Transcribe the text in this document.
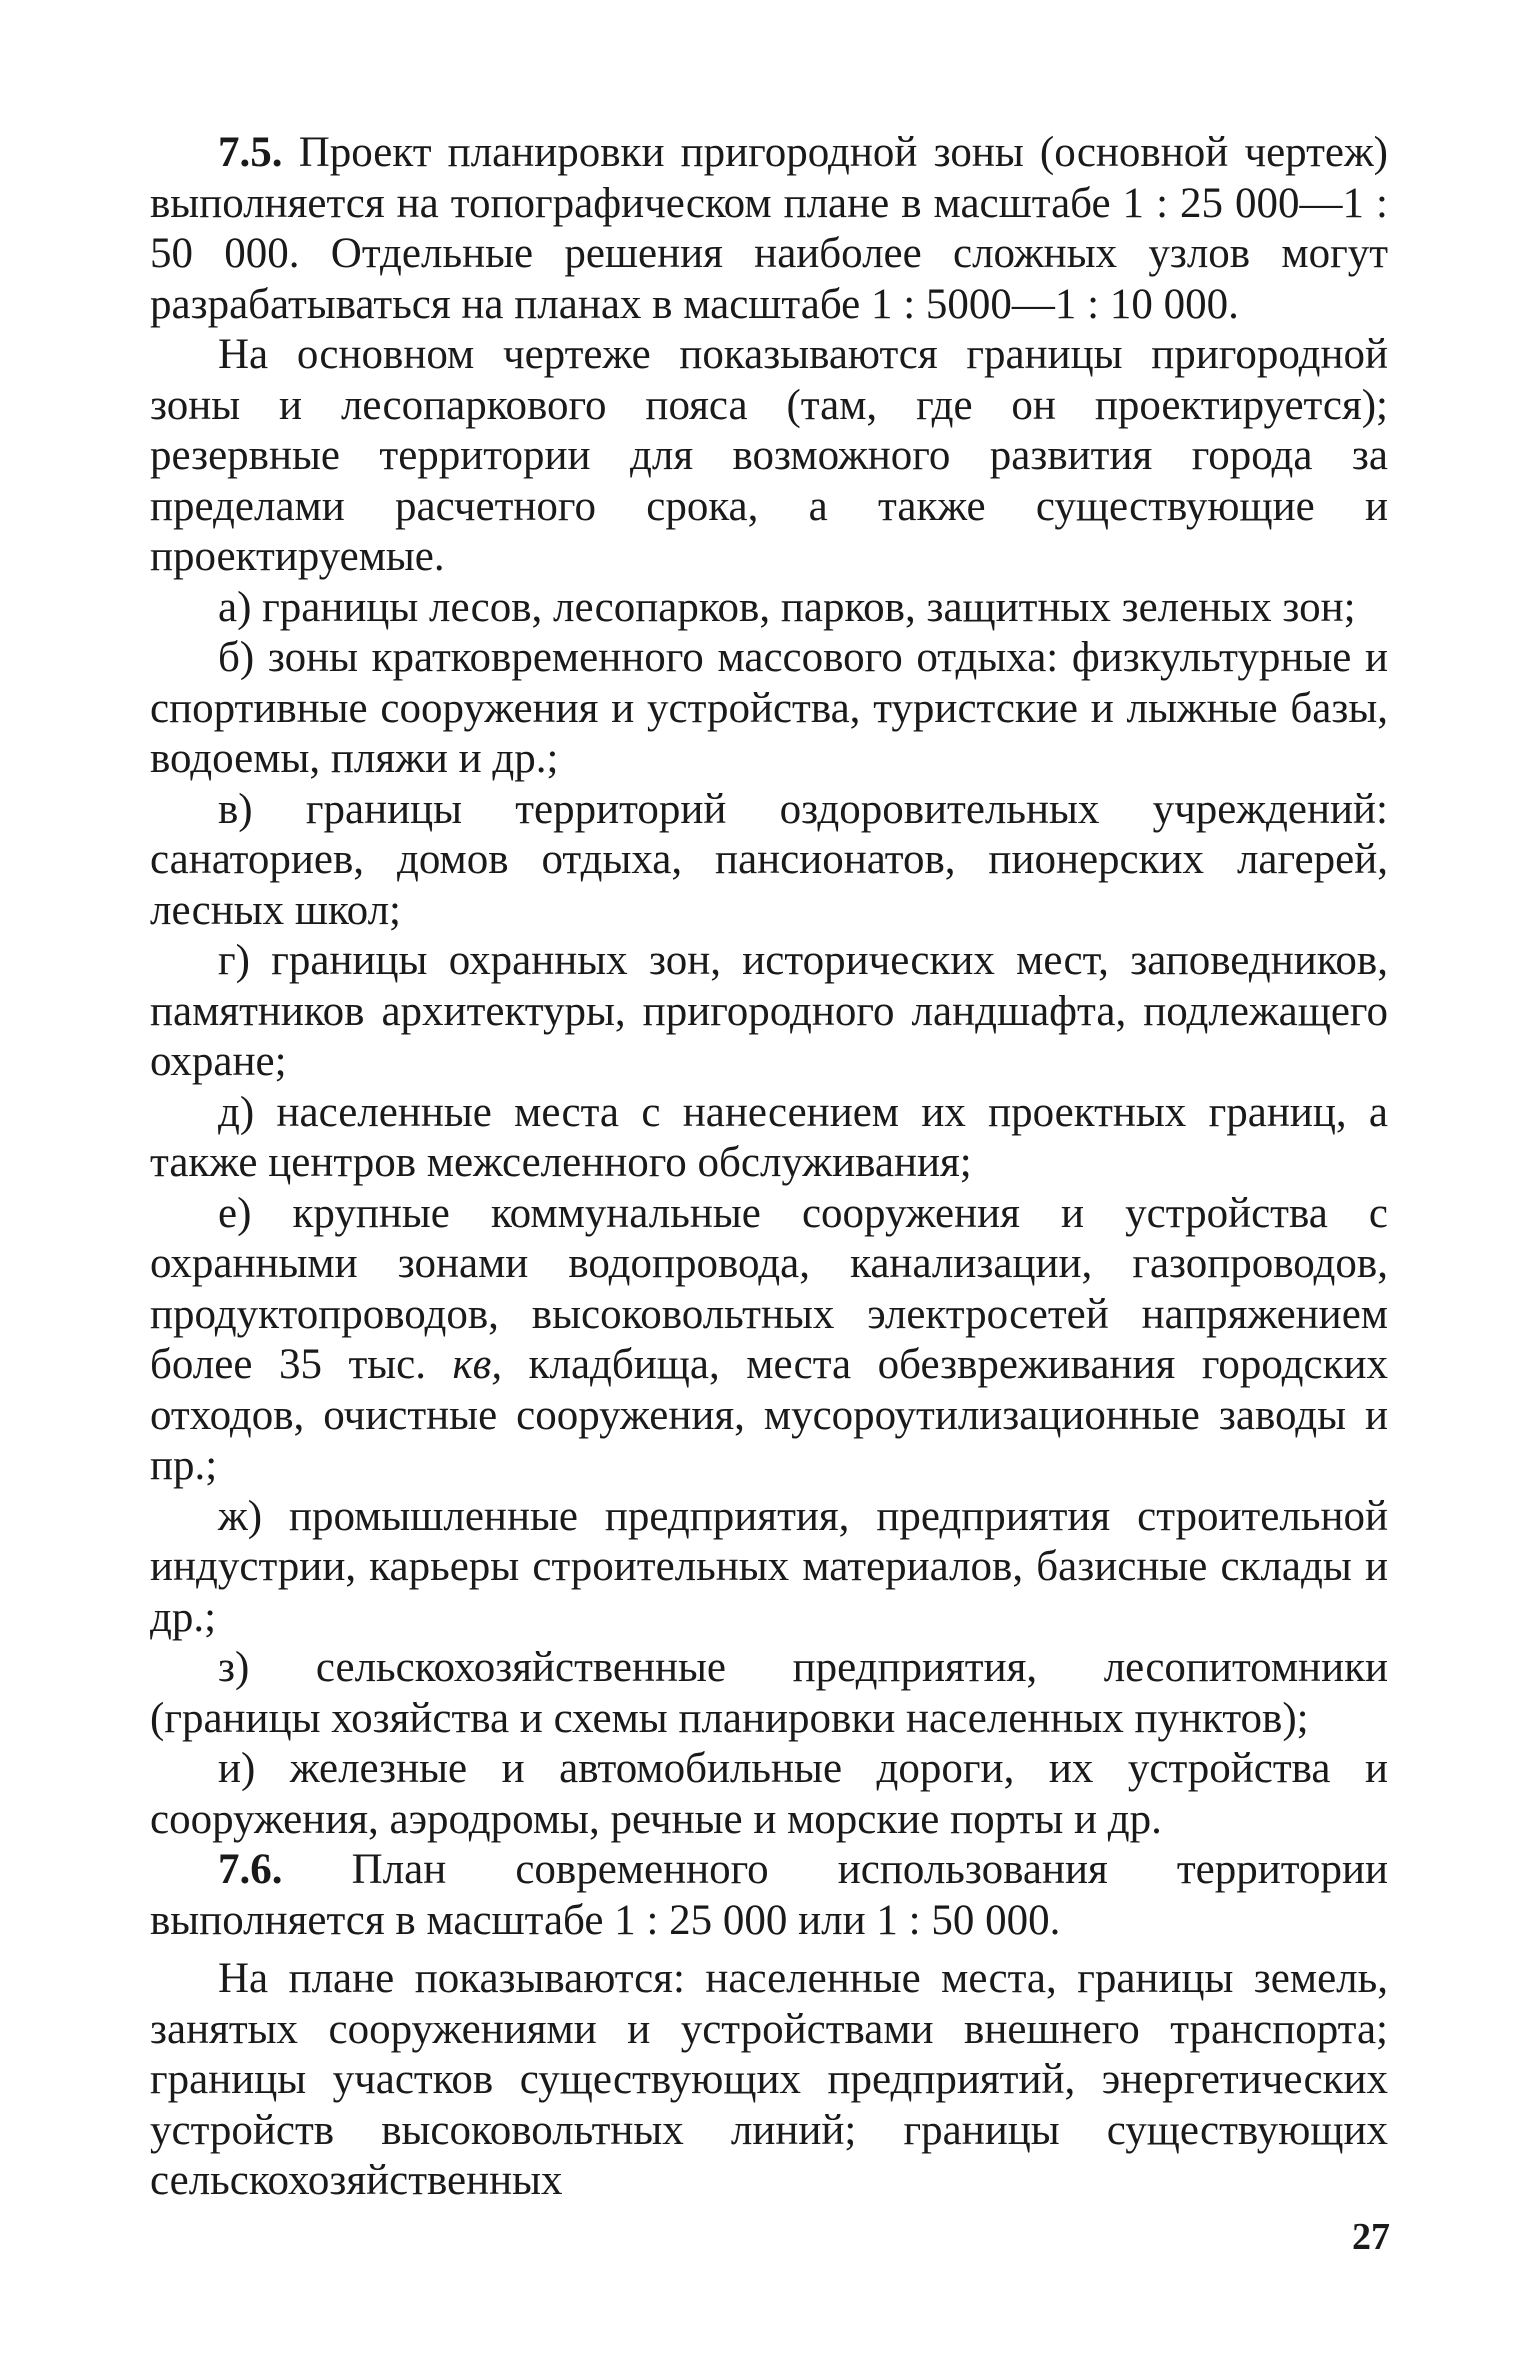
7.5. Проект планировки пригородной зоны (основной чертеж) выполняется на топографическом плане в масштабе 1 : 25 000—1 : 50 000. Отдельные решения наиболее сложных узлов могут разрабатываться на планах в масштабе 1 : 5000—1 : 10 000.

На основном чертеже показываются границы пригородной зоны и лесопаркового пояса (там, где он проектируется); резервные территории для возможного развития города за пределами расчетного срока, а также существующие и проектируемые.

а) границы лесов, лесопарков, парков, защитных зеленых зон;

б) зоны кратковременного массового отдыха: физкультурные и спортивные сооружения и устройства, туристские и лыжные базы, водоемы, пляжи и др.;

в) границы территорий оздоровительных учреждений: санаториев, домов отдыха, пансионатов, пионерских лагерей, лесных школ;

г) границы охранных зон, исторических мест, заповедников, памятников архитектуры, пригородного ландшафта, подлежащего охране;

д) населенные места с нанесением их проектных границ, а также центров межселенного обслуживания;

е) крупные коммунальные сооружения и устройства с охранными зонами водопровода, канализации, газопроводов, продуктопроводов, высоковольтных электросетей напряжением более 35 тыс. кв, кладбища, места обезвреживания городских отходов, очистные сооружения, мусороутилизационные заводы и пр.;

ж) промышленные предприятия, предприятия строительной индустрии, карьеры строительных материалов, базисные склады и др.;

з) сельскохозяйственные предприятия, лесопитомники (границы хозяйства и схемы планировки населенных пунктов);

и) железные и автомобильные дороги, их устройства и сооружения, аэродромы, речные и морские порты и др.

7.6. План современного использования территории выполняется в масштабе 1 : 25 000 или 1 : 50 000.

На плане показываются: населенные места, границы земель, занятых сооружениями и устройствами внешнего транспорта; границы участков существующих предприятий, энергетических устройств высоковольтных линий; границы существующих сельскохозяйственных

27
